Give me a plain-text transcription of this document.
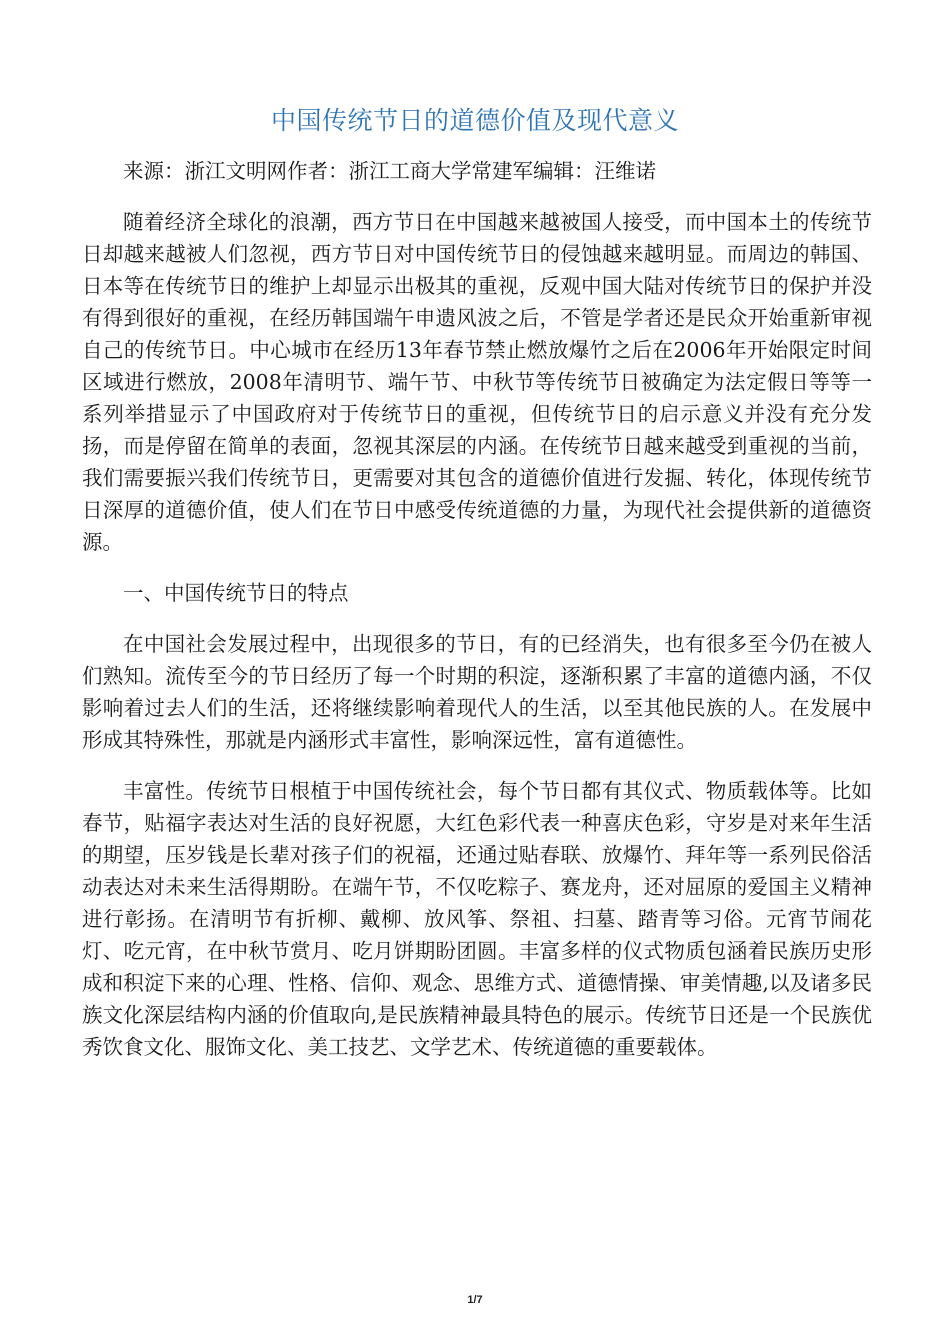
中国传统节日的道德价值及现代意义

来源：浙江文明网作者：浙江工商大学常建军编辑：汪维诺

随着经济全球化的浪潮，西方节日在中国越来越被国人接受，而中国本土的传统节日却越来越被人们忽视，西方节日对中国传统节日的侵蚀越来越明显。而周边的韩国、日本等在传统节日的维护上却显示出极其的重视，反观中国大陆对传统节日的保护并没有得到很好的重视，在经历韩国端午申遗风波之后，不管是学者还是民众开始重新审视自己的传统节日。中心城市在经历13年春节禁止燃放爆竹之后在2006年开始限定时间区域进行燃放，2008年清明节、端午节、中秋节等传统节日被确定为法定假日等等一系列举措显示了中国政府对于传统节日的重视，但传统节日的启示意义并没有充分发扬，而是停留在简单的表面，忽视其深层的内涵。在传统节日越来越受到重视的当前，我们需要振兴我们传统节日，更需要对其包含的道德价值进行发掘、转化，体现传统节日深厚的道德价值，使人们在节日中感受传统道德的力量，为现代社会提供新的道德资源。

一、中国传统节日的特点

在中国社会发展过程中，出现很多的节日，有的已经消失，也有很多至今仍在被人们熟知。流传至今的节日经历了每一个时期的积淀，逐渐积累了丰富的道德内涵，不仅影响着过去人们的生活，还将继续影响着现代人的生活，以至其他民族的人。在发展中形成其特殊性，那就是内涵形式丰富性，影响深远性，富有道德性。

丰富性。传统节日根植于中国传统社会，每个节日都有其仪式、物质载体等。比如春节，贴福字表达对生活的良好祝愿，大红色彩代表一种喜庆色彩，守岁是对来年生活的期望，压岁钱是长辈对孩子们的祝福，还通过贴春联、放爆竹、拜年等一系列民俗活动表达对未来生活得期盼。在端午节，不仅吃粽子、赛龙舟，还对屈原的爱国主义精神进行彰扬。在清明节有折柳、戴柳、放风筝、祭祖、扫墓、踏青等习俗。元宵节闹花灯、吃元宵，在中秋节赏月、吃月饼期盼团圆。丰富多样的仪式物质包涵着民族历史形成和积淀下来的心理、性格、信仰、观念、思维方式、道德情操、审美情趣,以及诸多民族文化深层结构内涵的价值取向,是民族精神最具特色的展示。传统节日还是一个民族优秀饮食文化、服饰文化、美工技艺、文学艺术、传统道德的重要载体。

1/7
